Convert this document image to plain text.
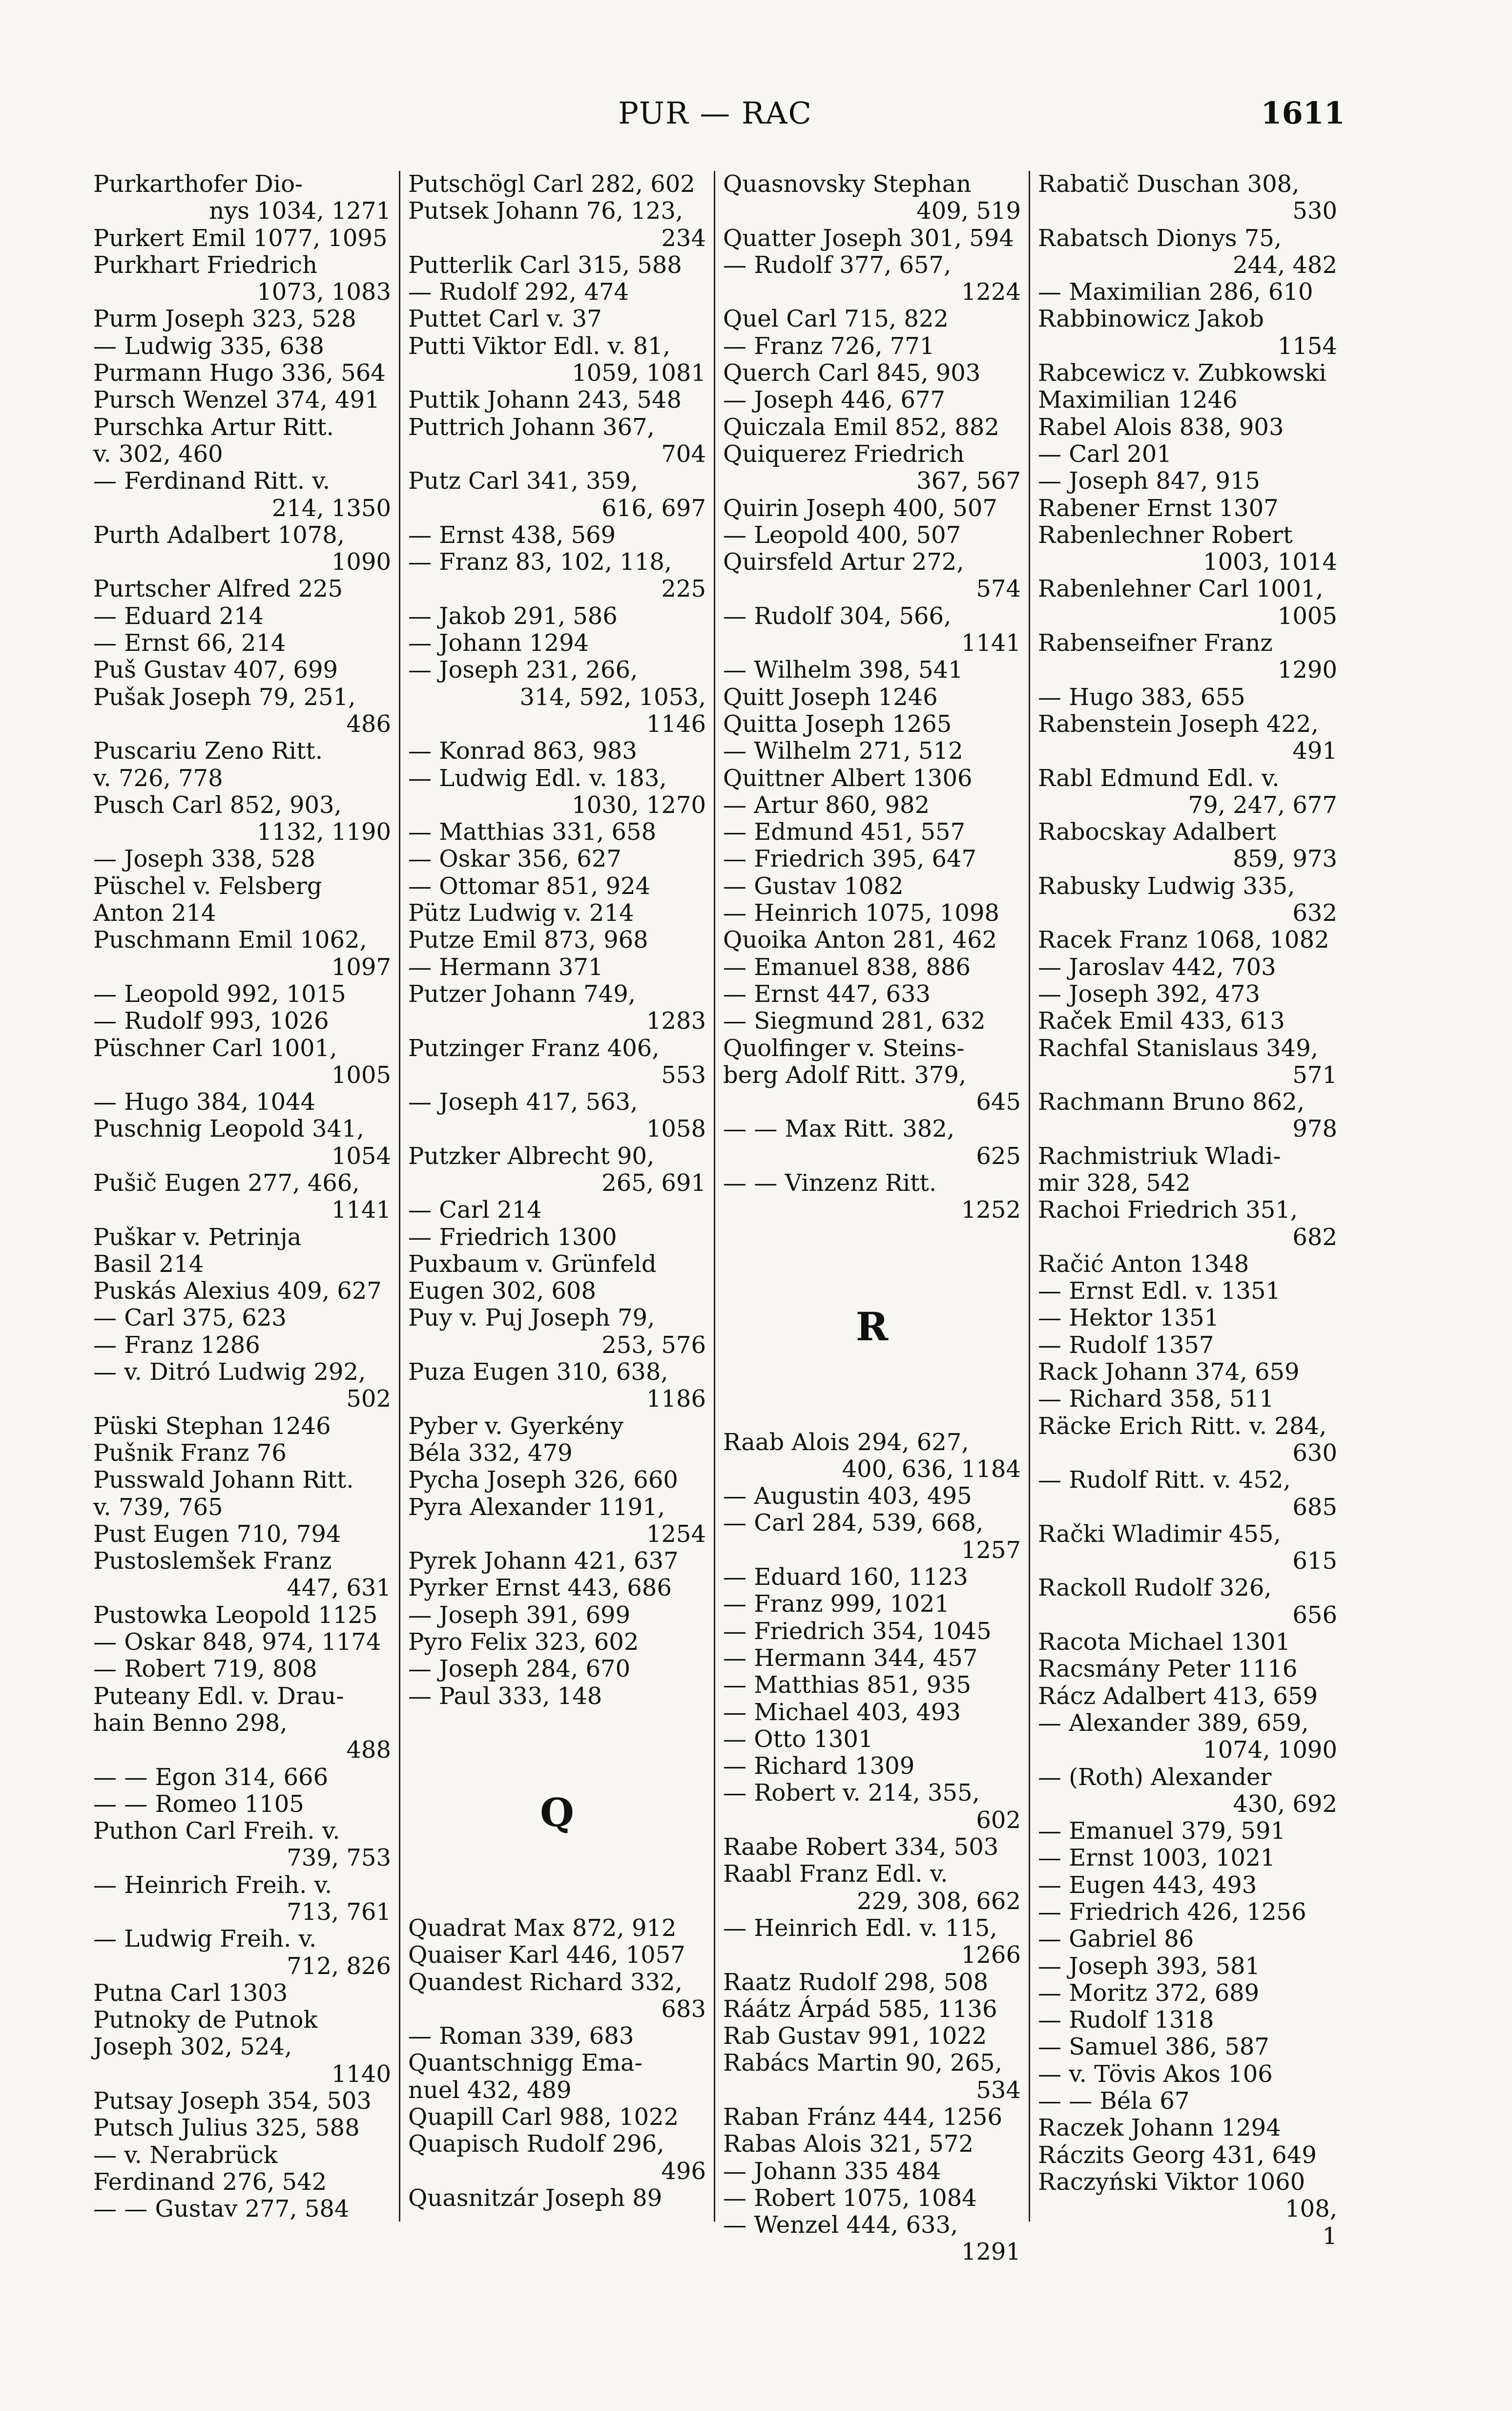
PUR — RAC	1611
Purkarthofer Dio-
nys 1034, 1271
Purkert Emil 1077, 1095
Purkhart Friedrich
1073, 1083
Purm Joseph 323, 528
— Ludwig 335, 638
Purmann Hugo 336, 564
Pursch Wenzel 374, 491
Purschka Artur Ritt.
v. 302, 460
— Ferdinand Ritt. v.
214, 1350
Purth Adalbert 1078,
1090
Purtscher Alfred 225
— Eduard 214
— Ernst 66, 214
Puš Gustav 407, 699
Pušak Joseph 79, 251,
486
Puscariu Zeno Ritt.
v. 726, 778
Pusch Carl 852, 903,
1132, 1190
— Joseph 338, 528
Püschel v. Felsberg
Anton 214
Puschmann Emil 1062,
1097
— Leopold 992, 1015
— Rudolf 993, 1026
Püschner Carl 1001,
1005
— Hugo 384, 1044
Puschnig Leopold 341,
1054
Pušič Eugen 277, 466,
1141
Puškar v. Petrinja
Basil 214
Puskás Alexius 409, 627
— Carl 375, 623
— Franz 1286
— v. Ditró Ludwig 292,
502
Püski Stephan 1246
Pušnik Franz 76
Pusswald Johann Ritt.
v. 739, 765
Pust Eugen 710, 794
Pustoslemšek Franz
447, 631
Pustowka Leopold 1125
— Oskar 848, 974, 1174
— Robert 719, 808
Puteany Edl. v. Drau-
hain Benno 298,
488
— — Egon 314, 666
— — Romeo 1105
Puthon Carl Freih. v.
739, 753
— Heinrich Freih. v.
713, 761
— Ludwig Freih. v.
712, 826
Putna Carl 1303
Putnoky de Putnok
Joseph 302, 524,
1140
Putsay Joseph 354, 503
Putsch Julius 325, 588
— v. Nerabrück
Ferdinand 276, 542
— — Gustav 277, 584
Putschögl Carl 282, 602
Putsek Johann 76, 123,
234
Putterlik Carl 315, 588
— Rudolf 292, 474
Puttet Carl v. 37
Putti Viktor Edl. v. 81,
1059, 1081
Puttik Johann 243, 548
Puttrich Johann 367,
704
Putz Carl 341, 359,
616, 697
— Ernst 438, 569
— Franz 83, 102, 118,
225
— Jakob 291, 586
— Johann 1294
— Joseph 231, 266,
314, 592, 1053,
1146
— Konrad 863, 983
— Ludwig Edl. v. 183,
1030, 1270
— Matthias 331, 658
— Oskar 356, 627
— Ottomar 851, 924
Pütz Ludwig v. 214
Putze Emil 873, 968
— Hermann 371
Putzer Johann 749,
1283
Putzinger Franz 406,
553
— Joseph 417, 563,
1058
Putzker Albrecht 90,
265, 691
— Carl 214
— Friedrich 1300
Puxbaum v. Grünfeld
Eugen 302, 608
Puy v. Puj Joseph 79,
253, 576
Puza Eugen 310, 638,
1186
Pyber v. Gyerkény
Béla 332, 479
Pycha Joseph 326, 660
Pyra Alexander 1191,
1254
Pyrek Johann 421, 637
Pyrker Ernst 443, 686
— Joseph 391, 699
Pyro Felix 323, 602
— Joseph 284, 670
— Paul 333, 148
Q
Quadrat Max 872, 912
Quaiser Karl 446, 1057
Quandest Richard 332,
683
— Roman 339, 683
Quantschnigg Ema-
nuel 432, 489
Quapill Carl 988, 1022
Quapisch Rudolf 296,
496
Quasnitzár Joseph 89
Quasnovsky Stephan
409, 519
Quatter Joseph 301, 594
— Rudolf 377, 657,
1224
Quel Carl 715, 822
— Franz 726, 771
Querch Carl 845, 903
— Joseph 446, 677
Quiczala Emil 852, 882
Quiquerez Friedrich
367, 567
Quirin Joseph 400, 507
— Leopold 400, 507
Quirsfeld Artur 272,
574
— Rudolf 304, 566,
1141
— Wilhelm 398, 541
Quitt Joseph 1246
Quitta Joseph 1265
— Wilhelm 271, 512
Quittner Albert 1306
— Artur 860, 982
— Edmund 451, 557
— Friedrich 395, 647
— Gustav 1082
— Heinrich 1075, 1098
Quoika Anton 281, 462
— Emanuel 838, 886
— Ernst 447, 633
— Siegmund 281, 632
Quolfinger v. Steins-
berg Adolf Ritt. 379,
645
— — Max Ritt. 382,
625
— — Vinzenz Ritt.
1252
R
Raab Alois 294, 627,
400, 636, 1184
— Augustin 403, 495
— Carl 284, 539, 668,
1257
— Eduard 160, 1123
— Franz 999, 1021
— Friedrich 354, 1045
— Hermann 344, 457
— Matthias 851, 935
— Michael 403, 493
— Otto 1301
— Richard 1309
— Robert v. 214, 355,
602
Raabe Robert 334, 503
Raabl Franz Edl. v.
229, 308, 662
— Heinrich Edl. v. 115,
1266
Raatz Rudolf 298, 508
Ráátz Árpád 585, 1136
Rab Gustav 991, 1022
Rabács Martin 90, 265,
534
Raban Fránz 444, 1256
Rabas Alois 321, 572
— Johann 335 484
— Robert 1075, 1084
— Wenzel 444, 633,
1291
Rabatič Duschan 308,
530
Rabatsch Dionys 75,
244, 482
— Maximilian 286, 610
Rabbinowicz Jakob
1154
Rabcewicz v. Zubkowski
Maximilian 1246
Rabel Alois 838, 903
— Carl 201
— Joseph 847, 915
Rabener Ernst 1307
Rabenlechner Robert
1003, 1014
Rabenlehner Carl 1001,
1005
Rabenseifner Franz
1290
— Hugo 383, 655
Rabenstein Joseph 422,
491
Rabl Edmund Edl. v.
79, 247, 677
Rabocskay Adalbert
859, 973
Rabusky Ludwig 335,
632
Racek Franz 1068, 1082
— Jaroslav 442, 703
— Joseph 392, 473
Raček Emil 433, 613
Rachfal Stanislaus 349,
571
Rachmann Bruno 862,
978
Rachmistriuk Wladi-
mir 328, 542
Rachoi Friedrich 351,
682
Račić Anton 1348
— Ernst Edl. v. 1351
— Hektor 1351
— Rudolf 1357
Rack Johann 374, 659
— Richard 358, 511
Räcke Erich Ritt. v. 284,
630
— Rudolf Ritt. v. 452,
685
Rački Wladimir 455,
615
Rackoll Rudolf 326,
656
Racota Michael 1301
Racsmány Peter 1116
Rácz Adalbert 413, 659
— Alexander 389, 659,
1074, 1090
— (Roth) Alexander
430, 692
— Emanuel 379, 591
— Ernst 1003, 1021
— Eugen 443, 493
— Friedrich 426, 1256
— Gabriel 86
— Joseph 393, 581
— Moritz 372, 689
— Rudolf 1318
— Samuel 386, 587
— v. Tövis Akos 106
— — Béla 67
Raczek Johann 1294
Ráczits Georg 431, 649
Raczyński Viktor 1060
108,
1
